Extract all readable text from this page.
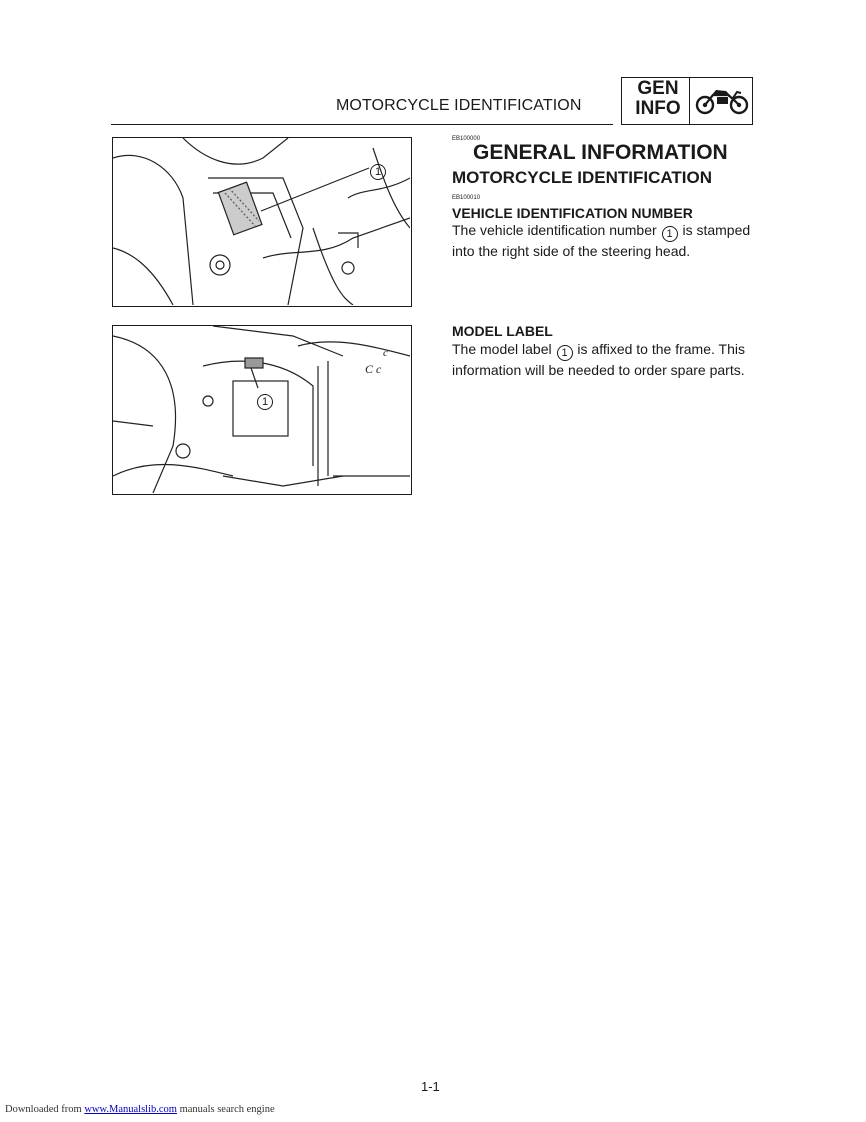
MOTORCYCLE IDENTIFICATION
GEN
INFO
1
c
C c
1
EB100000
GENERAL INFORMATION
MOTORCYCLE IDENTIFICATION
EB100010
VEHICLE IDENTIFICATION NUMBER
The vehicle identification number 1 is stamped into the right side of the steering head.
MODEL LABEL
The model label 1 is affixed to the frame. This information will be needed to order spare parts.
1-1
Downloaded from www.Manualslib.com manuals search engine
